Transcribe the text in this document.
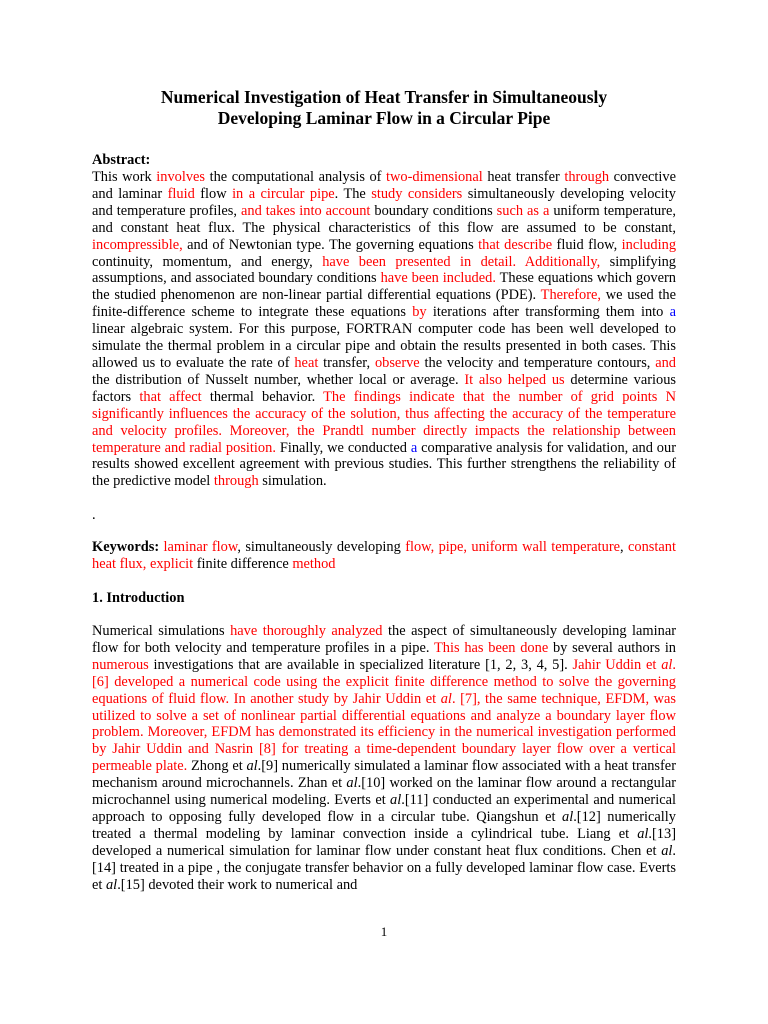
Numerical Investigation of Heat Transfer in Simultaneously
Developing Laminar Flow in a Circular Pipe

Abstract:

This work involves the computational analysis of two-dimensional heat transfer through convective and laminar fluid flow in a circular pipe. The study considers simultaneously developing velocity and temperature profiles, and takes into account boundary conditions such as a uniform temperature, and constant heat flux. The physical characteristics of this flow are assumed to be constant, incompressible, and of Newtonian type. The governing equations that describe fluid flow, including continuity, momentum, and energy, have been presented in detail. Additionally, simplifying assumptions, and associated boundary conditions have been included. These equations which govern the studied phenomenon are non-linear partial differential equations (PDE). Therefore, we used the finite-difference scheme to integrate these equations by iterations after transforming them into a linear algebraic system. For this purpose, FORTRAN computer code has been well developed to simulate the thermal problem in a circular pipe and obtain the results presented in both cases. This allowed us to evaluate the rate of heat transfer, observe the velocity and temperature contours, and the distribution of Nusselt number, whether local or average. It also helped us determine various factors that affect thermal behavior. The findings indicate that the number of grid points N significantly influences the accuracy of the solution, thus affecting the accuracy of the temperature and velocity profiles. Moreover, the Prandtl number directly impacts the relationship between temperature and radial position. Finally, we conducted a comparative analysis for validation, and our results showed excellent agreement with previous studies. This further strengthens the reliability of the predictive model through simulation.

.

Keywords: laminar flow, simultaneously developing flow, pipe, uniform wall temperature, constant heat flux, explicit finite difference method

1. Introduction

Numerical simulations have thoroughly analyzed the aspect of simultaneously developing laminar flow for both velocity and temperature profiles in a pipe. This has been done by several authors in numerous investigations that are available in specialized literature [1, 2, 3, 4, 5]. Jahir Uddin et al. [6] developed a numerical code using the explicit finite difference method to solve the governing equations of fluid flow. In another study by Jahir Uddin et al. [7], the same technique, EFDM, was utilized to solve a set of nonlinear partial differential equations and analyze a boundary layer flow problem. Moreover, EFDM has demonstrated its efficiency in the numerical investigation performed by Jahir Uddin and Nasrin [8] for treating a time-dependent boundary layer flow over a vertical permeable plate. Zhong et al.[9] numerically simulated a laminar flow associated with a heat transfer mechanism around microchannels. Zhan et al.[10] worked on the laminar flow around a rectangular microchannel using numerical modeling. Everts et al.[11] conducted an experimental and numerical approach to opposing fully developed flow in a circular tube. Qiangshun et al.[12] numerically treated a thermal modeling by laminar convection inside a cylindrical tube. Liang et al.[13] developed a numerical simulation for laminar flow under constant heat flux conditions. Chen et al.[14] treated in a pipe , the conjugate transfer behavior on a fully developed laminar flow case. Everts et al.[15] devoted their work to numerical and

1
